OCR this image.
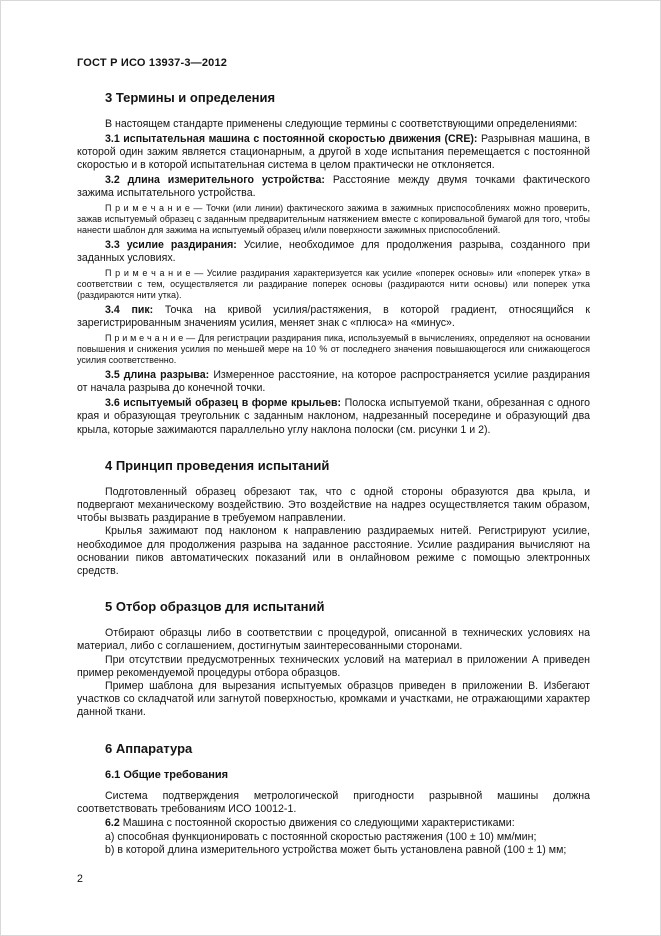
ГОСТ Р ИСО 13937-3—2012
3 Термины и определения

В настоящем стандарте применены следующие термины с соответствующими определениями:

3.1 испытательная машина с постоянной скоростью движения (CRE): Разрывная машина, в которой один зажим является стационарным, а другой в ходе испытания перемещается с постоянной скоростью и в которой испытательная система в целом практически не отклоняется.

3.2 длина измерительного устройства: Расстояние между двумя точками фактического зажима испытательного устройства.

П р и м е ч а н и е — Точки (или линии) фактического зажима в зажимных приспособлениях можно проверить, зажав испытуемый образец с заданным предварительным натяжением вместе с копировальной бумагой для того, чтобы нанести шаблон для зажима на испытуемый образец и/или поверхности зажимных приспособлений.

3.3 усилие раздирания: Усилие, необходимое для продолжения разрыва, созданного при заданных условиях.

П р и м е ч а н и е — Усилие раздирания характеризуется как усилие «поперек основы» или «поперек утка» в соответствии с тем, осуществляется ли раздирание поперек основы (раздираются нити основы) или поперек утка (раздираются нити утка).

3.4 пик: Точка на кривой усилия/растяжения, в которой градиент, относящийся к зарегистрированным значениям усилия, меняет знак с «плюса» на «минус».

П р и м е ч а н и е — Для регистрации раздирания пика, используемый в вычислениях, определяют на основании повышения и снижения усилия по меньшей мере на 10 % от последнего значения повышающегося или снижающегося усилия соответственно.

3.5 длина разрыва: Измеренное расстояние, на которое распространяется усилие раздирания от начала разрыва до конечной точки.

3.6 испытуемый образец в форме крыльев: Полоска испытуемой ткани, обрезанная с одного края и образующая треугольник с заданным наклоном, надрезанный посередине и образующий два крыла, которые зажимаются параллельно углу наклона полоски (см. рисунки 1 и 2).

4 Принцип проведения испытаний

Подготовленный образец обрезают так, что с одной стороны образуются два крыла, и подвергают механическому воздействию. Это воздействие на надрез осуществляется таким образом, чтобы вызвать раздирание в требуемом направлении.

Крылья зажимают под наклоном к направлению раздираемых нитей. Регистрируют усилие, необходимое для продолжения разрыва на заданное расстояние. Усилие раздирания вычисляют на основании пиков автоматических показаний или в онлайновом режиме с помощью электронных средств.

5 Отбор образцов для испытаний

Отбирают образцы либо в соответствии с процедурой, описанной в технических условиях на материал, либо с соглашением, достигнутым заинтересованными сторонами.

При отсутствии предусмотренных технических условий на материал в приложении А приведен пример рекомендуемой процедуры отбора образцов.

Пример шаблона для вырезания испытуемых образцов приведен в приложении В. Избегают участков со складчатой или загнутой поверхностью, кромками и участками, не отражающими характер данной ткани.

6 Аппаратура
6.1 Общие требования

Система подтверждения метрологической пригодности разрывной машины должна соответствовать требованиям ИСО 10012-1.

6.2 Машина с постоянной скоростью движения со следующими характеристиками:

a) способная функционировать с постоянной скоростью растяжения (100 ± 10) мм/мин;

b) в которой длина измерительного устройства может быть установлена равной (100 ± 1) мм;

2
